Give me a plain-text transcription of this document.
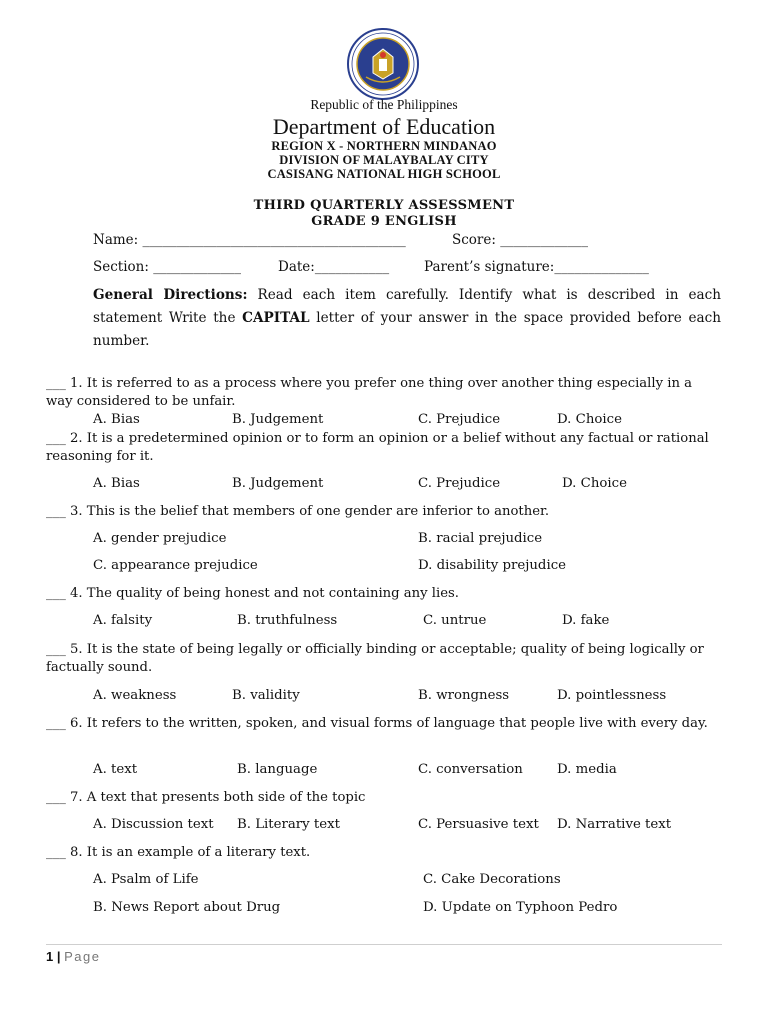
Republic of the Philippines
Department of Education
REGION X - NORTHERN MINDANAO
DIVISION OF MALAYBALAY CITY
CASISANG NATIONAL HIGH SCHOOL
THIRD QUARTERLY ASSESSMENT
GRADE 9 ENGLISH
Name: _______________________________________	Score: _____________
Section: _____________	Date:___________	Parent’s signature:______________
General Directions: Read each item carefully. Identify what is described in each statement Write the CAPITAL letter of your answer in the space provided before each number.
___ 1. It is referred to as a process where you prefer one thing over another thing especially in a way considered to be unfair.
A. Bias	B. Judgement	C. Prejudice	D. Choice
___ 2. It is a predetermined opinion or to form an opinion or a belief without any factual or rational reasoning for it.
A. Bias	B. Judgement	C. Prejudice	D. Choice
___ 3. This is the belief that members of one gender are inferior to another.
A. gender prejudice	B. racial prejudice
C. appearance prejudice	D. disability prejudice
___ 4. The quality of being honest and not containing any lies.
A. falsity	B. truthfulness	C. untrue	D. fake
___ 5. It is the state of being legally or officially binding or acceptable; quality of being logically or factually sound.
A. weakness	B. validity	B. wrongness	D. pointlessness
___ 6. It refers to the written, spoken, and visual forms of language that people live with every day.
A. text	B. language	C. conversation	D. media
___ 7. A text that presents both side of the topic
A. Discussion text B. Literary text	C. Persuasive text D. Narrative text
___ 8. It is an example of a literary text.
A. Psalm of Life	C. Cake Decorations
B. News Report about Drug	D. Update on Typhoon Pedro
1 | Page
